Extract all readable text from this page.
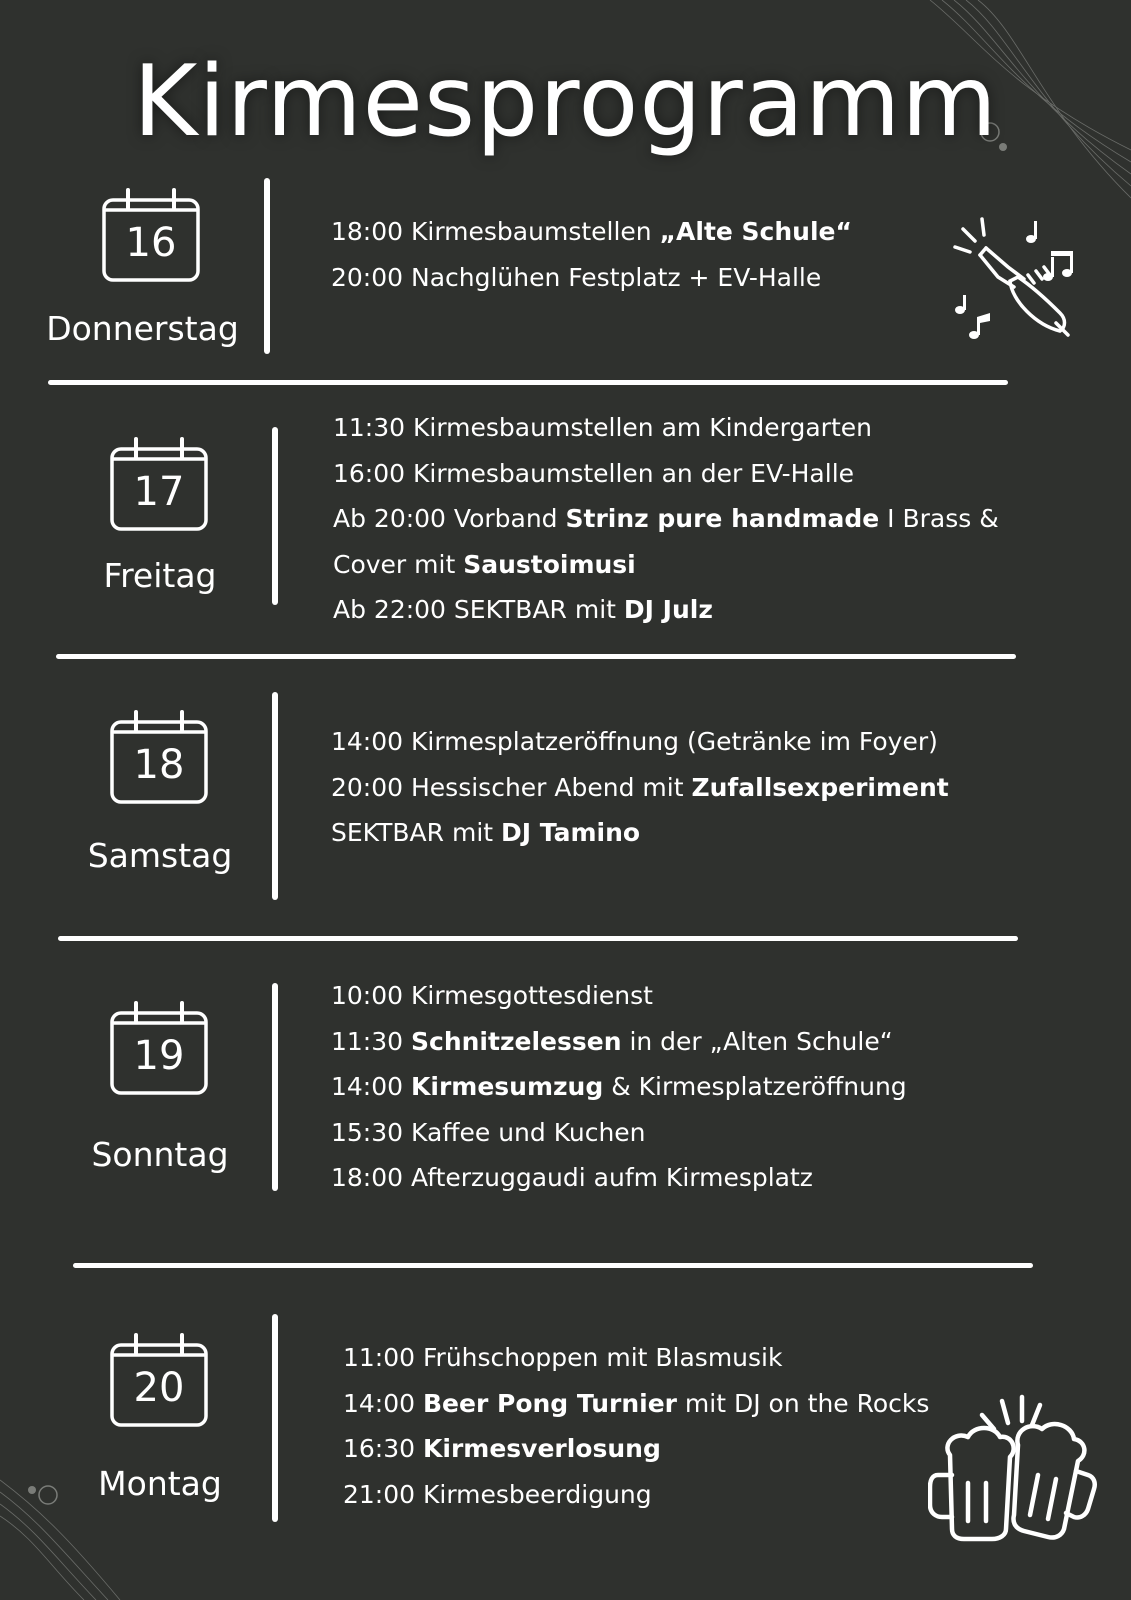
Kirmesprogramm
16
Donnerstag
18:00 Kirmesbaumstellen „Alte Schule“
20:00 Nachglühen Festplatz + EV-Halle
17
Freitag
11:30 Kirmesbaumstellen am Kindergarten
16:00 Kirmesbaumstellen an der EV-Halle
Ab 20:00 Vorband Strinz pure handmade I Brass &
Cover mit Saustoimusi
Ab 22:00 SEKTBAR mit DJ Julz
18
Samstag
14:00 Kirmesplatzeröffnung (Getränke im Foyer)
20:00 Hessischer Abend mit Zufallsexperiment
SEKTBAR mit DJ Tamino
19
Sonntag
10:00 Kirmesgottesdienst
11:30 Schnitzelessen in der „Alten Schule“
14:00 Kirmesumzug & Kirmesplatzeröffnung
15:30 Kaffee und Kuchen
18:00 Afterzuggaudi aufm Kirmesplatz
20
Montag
11:00 Frühschoppen mit Blasmusik
14:00 Beer Pong Turnier mit DJ on the Rocks
16:30 Kirmesverlosung
21:00 Kirmesbeerdigung
